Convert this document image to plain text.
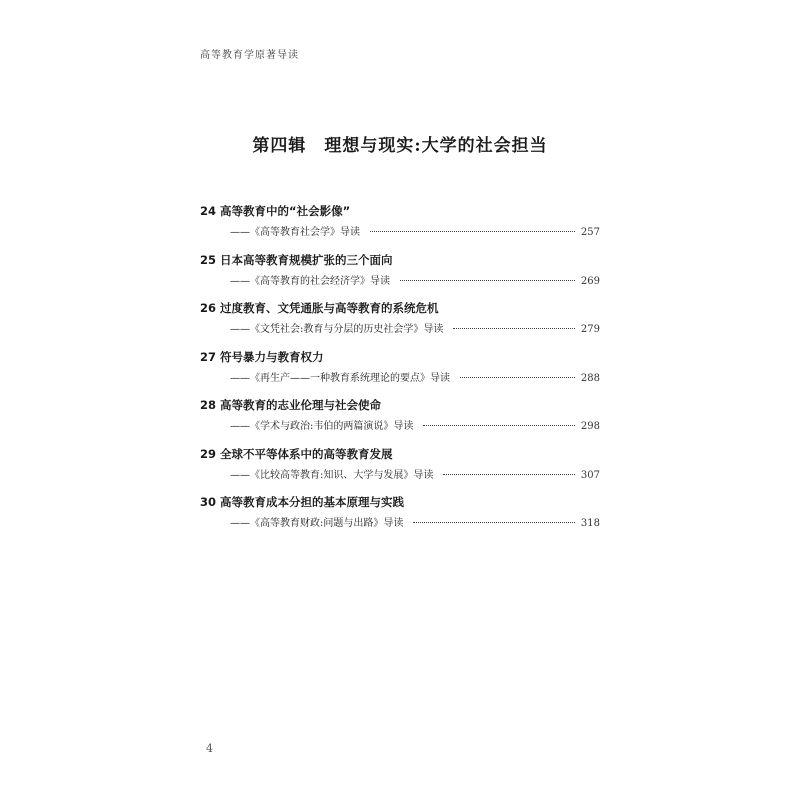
高等教育学原著导读
第四辑 理想与现实:大学的社会担当
24 高等教育中的“社会影像”
——《高等教育社会学》导读	257
25 日本高等教育规模扩张的三个面向
——《高等教育的社会经济学》导读	269
26 过度教育、文凭通胀与高等教育的系统危机
——《文凭社会:教育与分层的历史社会学》导读	279
27 符号暴力与教育权力
——《再生产——一种教育系统理论的要点》导读	288
28 高等教育的志业伦理与社会使命
——《学术与政治:韦伯的两篇演说》导读	298
29 全球不平等体系中的高等教育发展
——《比较高等教育:知识、大学与发展》导读	307
30 高等教育成本分担的基本原理与实践
——《高等教育财政:问题与出路》导读	318
4
